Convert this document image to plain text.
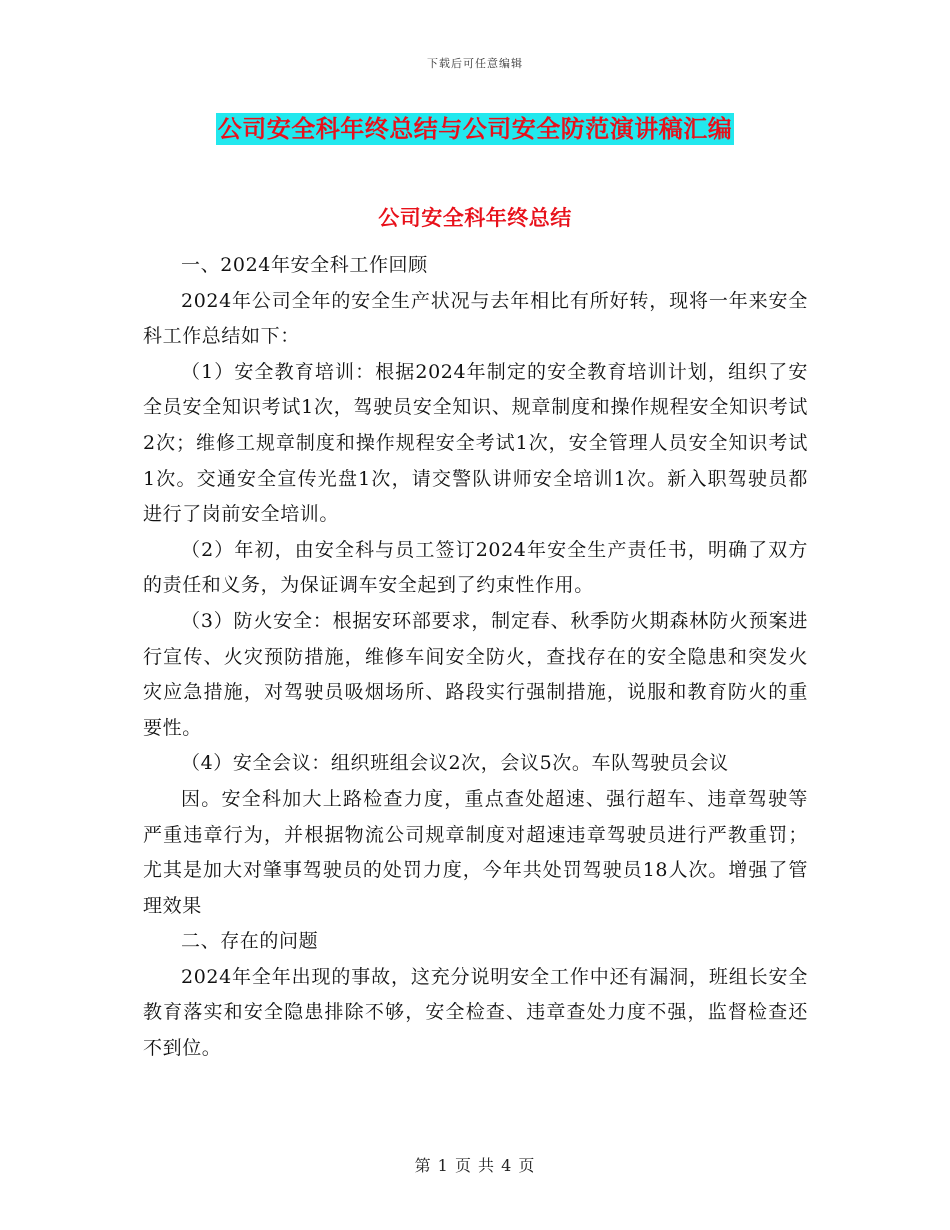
下载后可任意编辑
公司安全科年终总结与公司安全防范演讲稿汇编
公司安全科年终总结

一、2024年安全科工作回顾

2024年公司全年的安全生产状况与去年相比有所好转，现将一年来安全科工作总结如下：

（1）安全教育培训：根据2024年制定的安全教育培训计划，组织了安全员安全知识考试1次，驾驶员安全知识、规章制度和操作规程安全知识考试2次；维修工规章制度和操作规程安全考试1次，安全管理人员安全知识考试1次。交通安全宣传光盘1次，请交警队讲师安全培训1次。新入职驾驶员都进行了岗前安全培训。

（2）年初，由安全科与员工签订2024年安全生产责任书，明确了双方的责任和义务，为保证调车安全起到了约束性作用。

（3）防火安全：根据安环部要求，制定春、秋季防火期森林防火预案进行宣传、火灾预防措施，维修车间安全防火，查找存在的安全隐患和突发火灾应急措施，对驾驶员吸烟场所、路段实行强制措施，说服和教育防火的重要性。

（4）安全会议：组织班组会议2次，会议5次。车队驾驶员会议

因。安全科加大上路检查力度，重点查处超速、强行超车、违章驾驶等严重违章行为，并根据物流公司规章制度对超速违章驾驶员进行严教重罚；尤其是加大对肇事驾驶员的处罚力度，今年共处罚驾驶员18人次。增强了管理效果

二、存在的问题

2024年全年出现的事故，这充分说明安全工作中还有漏洞，班组长安全教育落实和安全隐患排除不够，安全检查、违章查处力度不强，监督检查还不到位。

第 1 页 共 4 页
